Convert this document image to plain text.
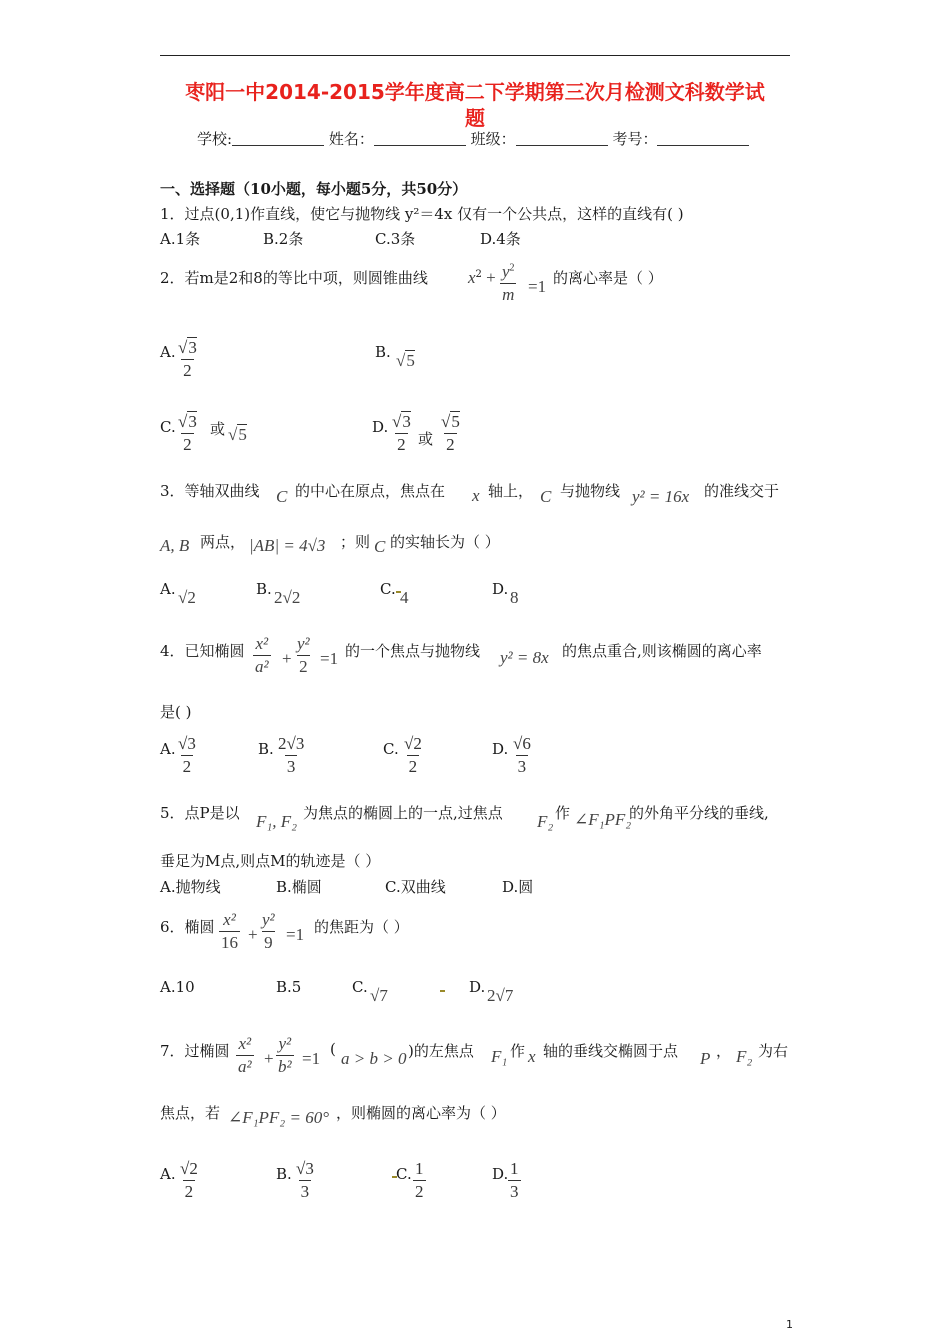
枣阳一中2014-2015学年度高二下学期第三次月检测文科数学试
题
学校:	姓名：	班级：	考号：
一、选择题（10小题，每小题5分，共50分）
1．过点(0,1)作直线，使它与抛物线 y²＝4x 仅有一个公共点，这样的直线有( )
A.1条	B.2条	C.3条	D.4条
2．若m是2和8的等比中项，则圆锥曲线 $x^2 + \frac{y^2}{m} =1$ 的离心率是（ ）
A. $\frac{√3}{2}$	B. √5
C. $\frac{√3}{2}$ 或 √5	D. $\frac{√3}{2}$ 或 $\frac{√5}{2}$
3．等轴双曲线 C 的中心在原点，焦点在 x 轴上， C 与抛物线 y² = 16x 的准线交于
A, B 两点， |AB| = 4√3 ；则 C 的实轴长为（ ）
A. √2	B. 2√2	C. 4	D. 8
4．已知椭圆 $\frac{\text{x²}}{\text{a²}} + \frac{\text{y²}}{2} =1$ 的一个焦点与抛物线 y² = 8x 的焦点重合,则该椭圆的离心率
是( )
A. $\frac{√3}{2}$	B. $\frac{2√3}{3}$	C. $\frac{√2}{2}$	D. $\frac{√6}{3}$
5．点P是以 F₁, F₂ 为焦点的椭圆上的一点,过焦点 F₂ 作 ∠F₁PF₂
的外角平分线的垂线,
垂足为M点,则点M的轨迹是（ ）
A.抛物线	B.椭圆	C.双曲线	D.圆
6．椭圆 $\frac{\text{x²}}{16} + \frac{\text{y²}}{9} =1$ 的焦距为（ ）
A.10	B.5	C. √7	D. 2√7
7．过椭圆 $\frac{\text{x²}}{\text{a²}} + \frac{\text{y²}}{\text{b²}} =1$ ( a > b > 0 )的左焦点 F₁ 作 x 轴的垂线交椭圆于点 P ， F₂ 为右
焦点，若 ∠F₁PF₂ = 60° ，则椭圆的离心率为（ ）
A. $\frac{√2}{2}$	B. $\frac{√3}{3}$	C. $\frac{1}{2}$	D. $\frac{1}{3}$
1
